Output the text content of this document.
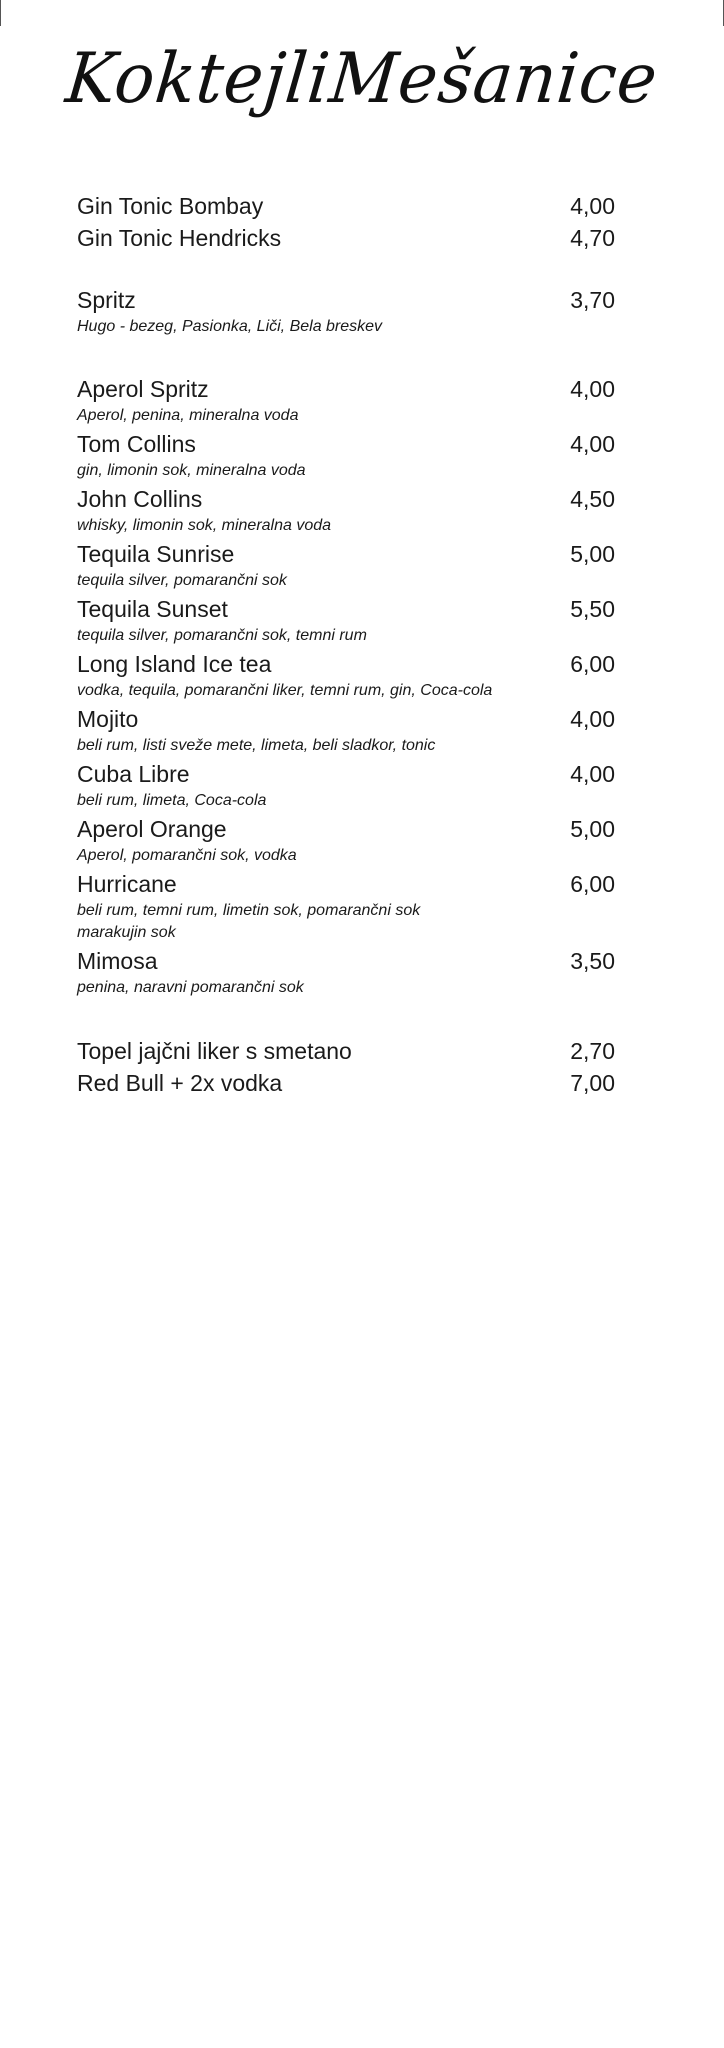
KoktejliMešanice
Gin Tonic Bombay	4,00
Gin Tonic Hendricks	4,70
Spritz	3,70
Hugo - bezeg, Pasionka, Liči, Bela breskev
Aperol Spritz	4,00
Aperol, penina, mineralna voda
Tom Collins	4,00
gin, limonin sok, mineralna voda
John Collins	4,50
whisky, limonin sok, mineralna voda
Tequila Sunrise	5,00
tequila silver, pomarančni sok
Tequila Sunset	5,50
tequila silver, pomarančni sok, temni rum
Long Island Ice tea	6,00
vodka, tequila, pomarančni liker, temni rum, gin, Coca-cola
Mojito	4,00
beli rum, listi sveže mete, limeta, beli sladkor, tonic
Cuba Libre	4,00
beli rum, limeta, Coca-cola
Aperol Orange	5,00
Aperol, pomarančni sok, vodka
Hurricane	6,00
beli rum, temni rum, limetin sok, pomarančni sok
marakujin sok
Mimosa	3,50
penina, naravni pomarančni sok
Topel jajčni liker s smetano	2,70
Red Bull + 2x vodka	7,00
